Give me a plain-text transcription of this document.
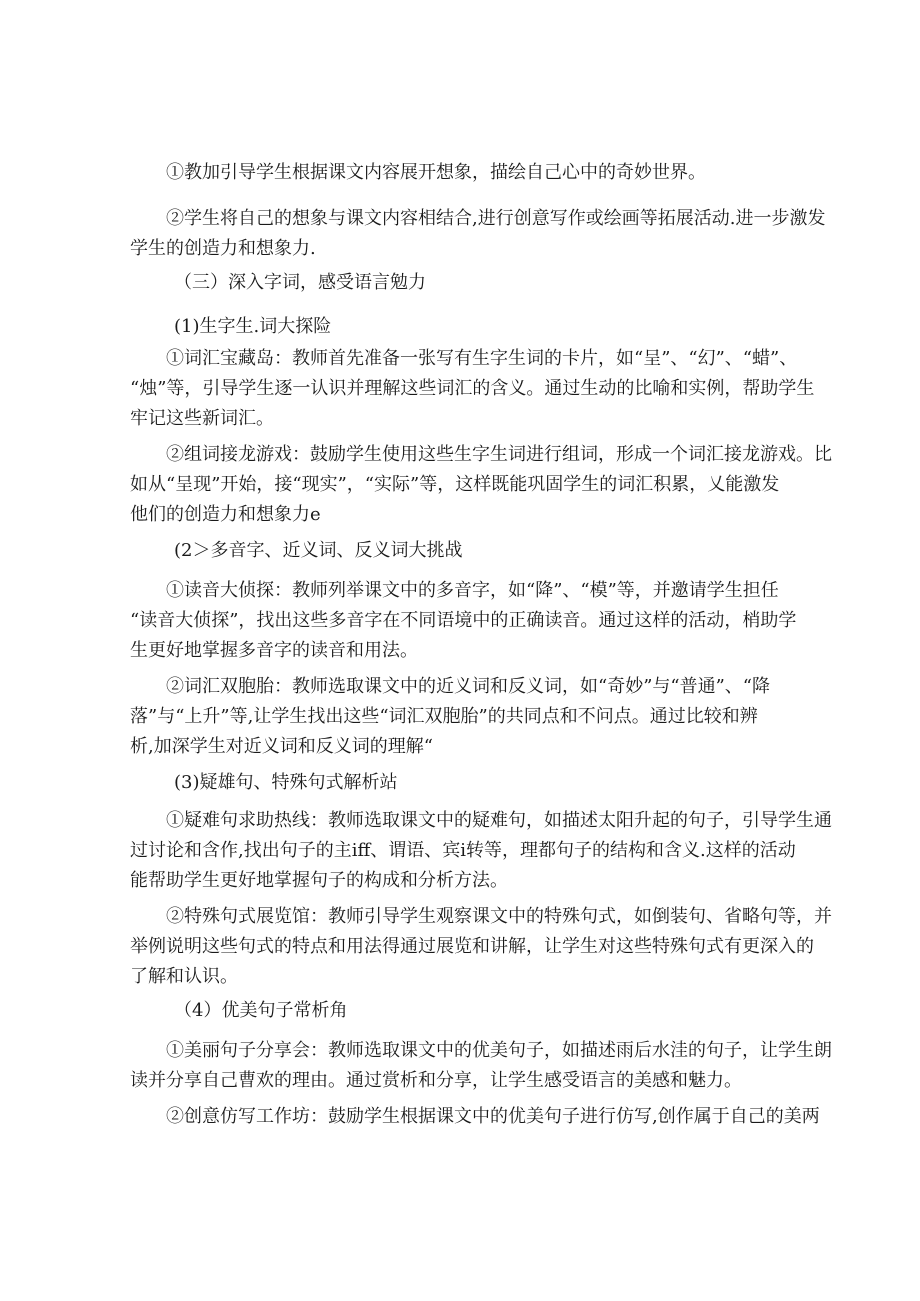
①教加引导学生根据课文内容展开想象，描绘自己心中的奇妙世界。
②学生将自己的想象与课文内容相结合,进行创意写作或绘画等拓展活动.进一步激发
学生的创造力和想象力.
（三）深入字词，感受语言勉力
(1)生字生.词大探险
①词汇宝藏岛：教师首先准备一张写有生字生词的卡片，如“呈”、“幻”、“蜡”、
“烛”等，引导学生逐一认识并理解这些词汇的含义。通过生动的比喻和实例，帮助学生
牢记这些新词汇。
②组词接龙游戏：鼓励学生使用这些生字生词进行组词，形成一个词汇接龙游戏。比
如从“呈现”开始，接“现实”，“实际”等，这样既能巩固学生的词汇积累，乂能激发
他们的创造力和想象力e
(2＞多音字、近义词、反义词大挑战
①读音大侦探：教师列举课文中的多音字，如“降”、“模”等，并邀请学生担任
“读音大侦探”，找出这些多音字在不同语境中的正确读音。通过这样的活动，梢助学
生更好地掌握多音字的读音和用法。
②词汇双胞胎：教师选取课文中的近义词和反义词，如“奇妙”与“普通”、“降
落”与“上升”等,让学生找出这些“词汇双胞胎”的共同点和不问点。通过比较和辨
析,加深学生对近义词和反义词的理解“
(3)疑雄句、特殊句式解析站
①疑难句求助热线：教师选取课文中的疑难句，如描述太阳升起的句子，引导学生通
过讨论和含作,找出句子的主iff、谓语、宾i转等，理都句子的结构和含义.这样的活动
能帮助学生更好地掌握句子的构成和分析方法。
②特殊句式展览馆：教师引导学生观察课文中的特殊句式，如倒装句、省略句等，并
举例说明这些句式的特点和用法得通过展览和讲解，让学生对这些特殊句式有更深入的
了解和认识。
（4）优美句子常析角
①美丽句子分享会：教师选取课文中的优美句子，如描述雨后水洼的句子，让学生朗
读并分享自己曹欢的理由。通过赏析和分享，让学生感受语言的美感和魅力。
②创意仿写工作坊：鼓励学生根据课文中的优美句子进行仿写,创作属于自己的美两
